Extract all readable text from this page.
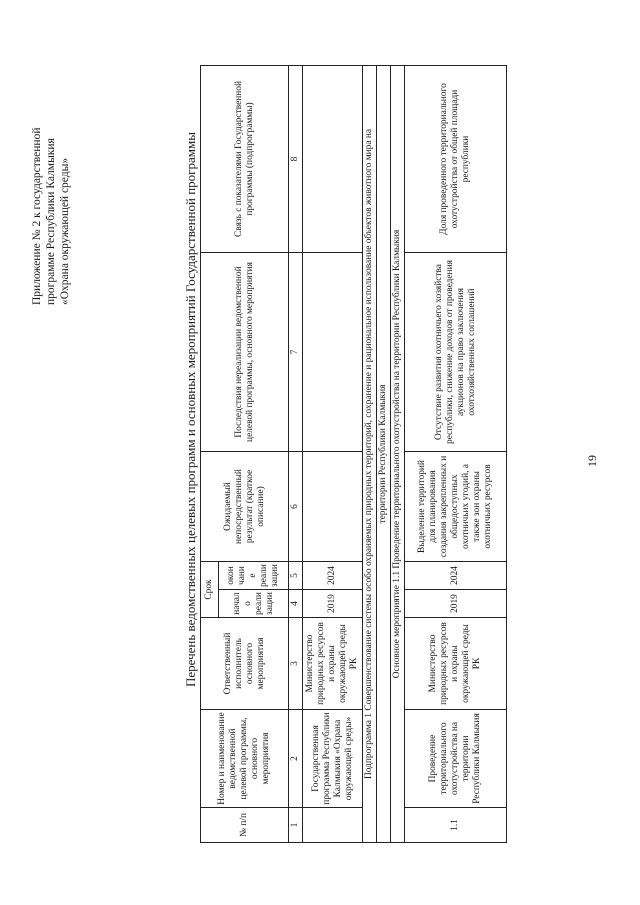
Приложение № 2 к государственной программе Республики Калмыкия «Охрана окружающей среды»	Перечень ведомственных целевых программ и основных мероприятий Государственной программы
№ п/п	Номер и наименование ведомственной целевой программы, основного мероприятия	Ответственный исполнитель основного мероприятия	Срок		Ожидаемый непосредственный результат (краткое описание)	Последствия нереализации ведомственной целевой программы, основного мероприятия	Связь с показателями Государственной программы (подпрограммы)
			начал о реали зации	окон чани е реали зации			
1	2	3	4	5	6	7	8
	Государственная программа Республики Калмыкия «Охрана окружающей среды»	Министерство природных ресурсов и охраны окружающей среды РК	2019	2024			
Подпрограмма 1 Совершенствование системы особо охраняемых природных территорий, сохранение и рациональное использование объектов животного мира на							
территории Республики Калмыкия							
Основное мероприятие 1.1 Проведение территориального охотустройства на территории Республики Калмыкия							
1.1	Проведение территориального охотустройства на территории Республики Калмыкия	Министерство природных ресурсов и охраны окружающей среды РК	2019	2024	Выделение территорий для планирования создания закрепленных и общедоступных охотничьих угодий, а также зон охраны охотничьих ресурсов	Отсутствие развития охотничьего хозяйства республики, снижение доходов от проведения аукционов на право заключения охотхозяйственных соглашений	Доля проведенного территориального охотустройства от общей площади республики
19
